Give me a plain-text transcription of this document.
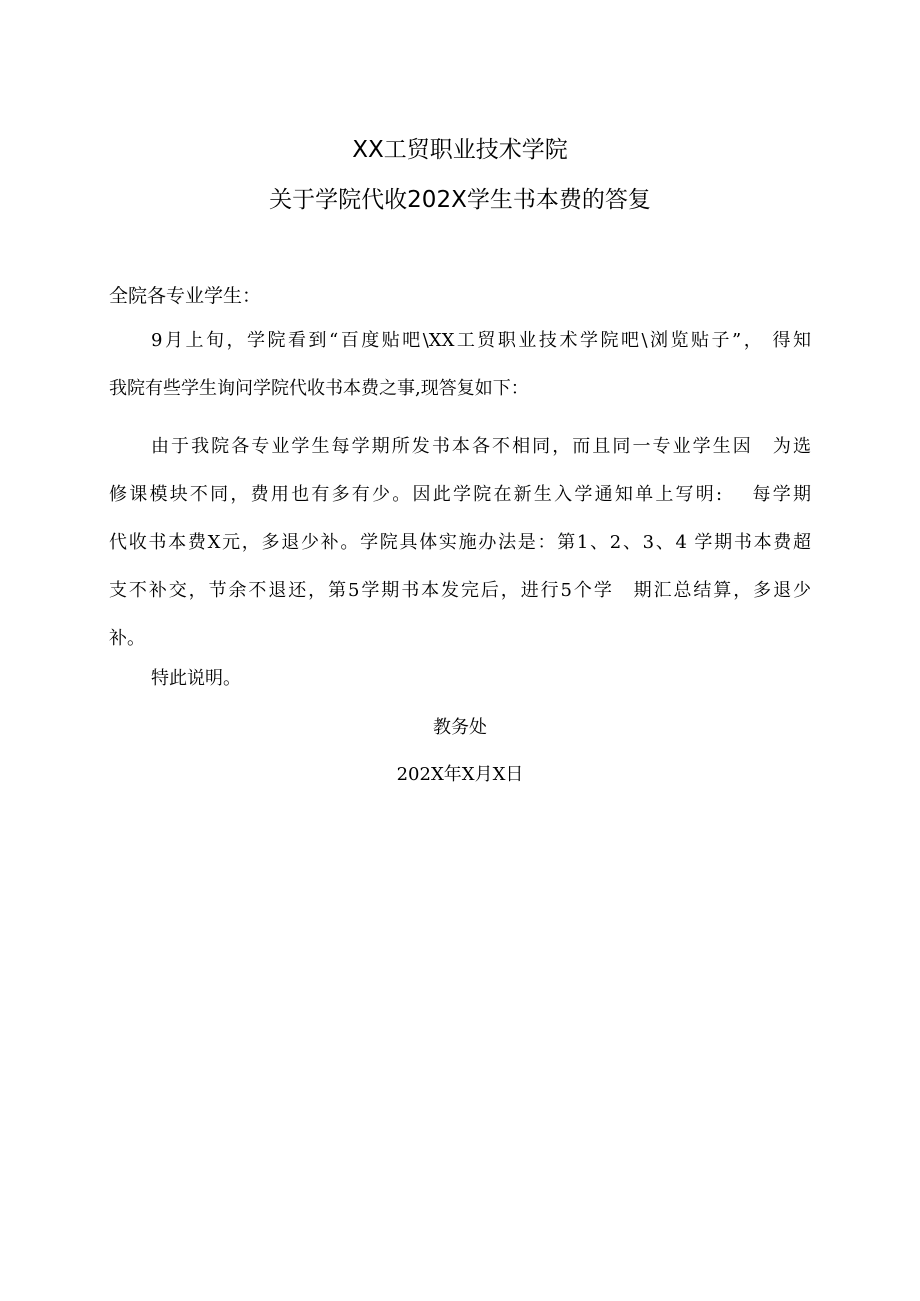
XX工贸职业技术学院
关于学院代收202X学生书本费的答复
全院各专业学生：
9月上旬，学院看到“百度贴吧\XX工贸职业技术学院吧\浏览贴子”， 得知
我院有些学生询问学院代收书本费之事,现答复如下：
由于我院各专业学生每学期所发书本各不相同，而且同一专业学生因　为选
修课模块不同，费用也有多有少。因此学院在新生入学通知单上写明:　 每学期
代收书本费X元，多退少补。学院具体实施办法是：第1、2、3、4 学期书本费超
支不补交，节余不退还，第5学期书本发完后，进行5个学　期汇总结算，多退少
补。
特此说明。
教务处
202X年X月X日
